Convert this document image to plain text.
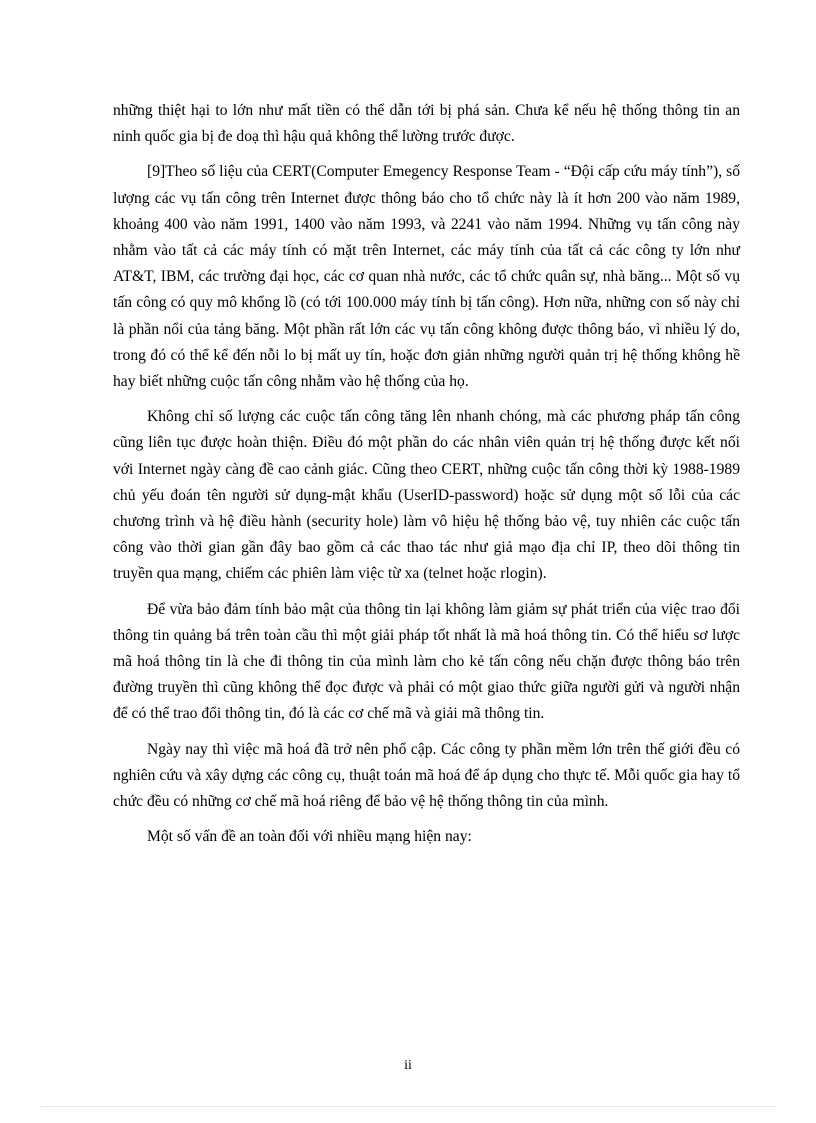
những thiệt hại to lớn như mất tiền có thể dẫn tới bị phá sản. Chưa kể nếu hệ thống thông tin an ninh quốc gia bị đe doạ thì hậu quả không thể lường trước được.

[9]Theo số liệu của CERT(Computer Emegency Response Team - “Đội cấp cứu máy tính”), số lượng các vụ tấn công trên Internet được thông báo cho tổ chức này là ít hơn 200 vào năm 1989, khoảng 400 vào năm 1991, 1400 vào năm 1993, và 2241 vào năm 1994. Những vụ tấn công này nhằm vào tất cả các máy tính có mặt trên Internet, các máy tính của tất cả các công ty lớn như AT&T, IBM, các trường đại học, các cơ quan nhà nước, các tổ chức quân sự, nhà băng... Một số vụ tấn công có quy mô khổng lồ (có tới 100.000 máy tính bị tấn công). Hơn nữa, những con số này chỉ là phần nổi của tảng băng. Một phần rất lớn các vụ tấn công không được thông báo, vì nhiều lý do, trong đó có thể kể đến nỗi lo bị mất uy tín, hoặc đơn giản những người quản trị hệ thống không hề hay biết những cuộc tấn công nhằm vào hệ thống của họ.

Không chỉ số lượng các cuộc tấn công tăng lên nhanh chóng, mà các phương pháp tấn công cũng liên tục được hoàn thiện. Điều đó một phần do các nhân viên quản trị hệ thống được kết nối với Internet ngày càng đề cao cảnh giác. Cũng theo CERT, những cuộc tấn công thời kỳ 1988-1989 chủ yếu đoán tên người sử dụng-mật khẩu (UserID-password) hoặc sử dụng một số lỗi của các chương trình và hệ điều hành (security hole) làm vô hiệu hệ thống bảo vệ, tuy nhiên các cuộc tấn công vào thời gian gần đây bao gồm cả các thao tác như giả mạo địa chỉ IP, theo dõi thông tin truyền qua mạng, chiếm các phiên làm việc từ xa (telnet hoặc rlogin).

Để vừa bảo đảm tính bảo mật của thông tin lại không làm giảm sự phát triển của việc trao đổi thông tin quảng bá trên toàn cầu thì một giải pháp tốt nhất là mã hoá thông tin. Có thể hiểu sơ lược mã hoá thông tin là che đi thông tin của mình làm cho kẻ tấn công nếu chặn được thông báo trên đường truyền thì cũng không thể đọc được và phải có một giao thức giữa người gửi và người nhận để có thể trao đổi thông tin, đó là các cơ chế mã và giải mã thông tin.

Ngày nay thì việc mã hoá đã trở nên phổ cập. Các công ty phần mềm lớn trên thế giới đều có nghiên cứu và xây dựng các công cụ, thuật toán mã hoá để áp dụng cho thực tế. Mỗi quốc gia hay tổ chức đều có những cơ chế mã hoá riêng để bảo vệ hệ thống thông tin của mình.

Một số vấn đề an toàn đối với nhiều mạng hiện nay:

ii
